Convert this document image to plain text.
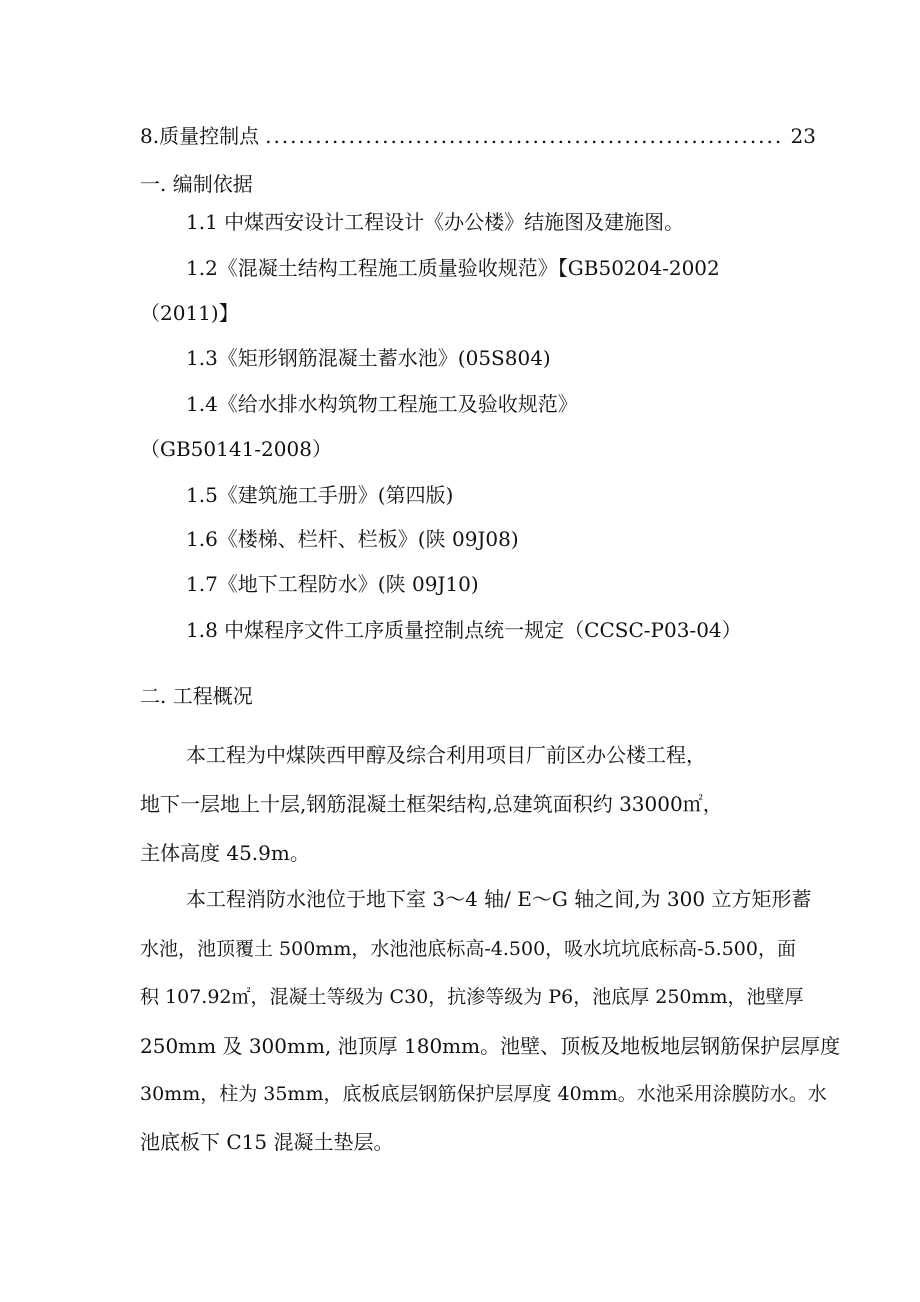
8.质量控制点
.....	23
一. 编制依据
1.1 中煤西安设计工程设计《办公楼》结施图及建施图。
1.2《混凝土结构工程施工质量验收规范》【GB50204-2002
（2011)】
1.3《矩形钢筋混凝土蓄水池》(05S804)
1.4《给水排水构筑物工程施工及验收规范》
（GB50141-2008）
1.5《建筑施工手册》(第四版)
1.6《楼梯、栏杆、栏板》(陕 09J08)
1.7《地下工程防水》(陕 09J10)
1.8 中煤程序文件工序质量控制点统一规定（CCSC-P03-04）
二. 工程概况
本工程为中煤陕西甲醇及综合利用项目厂前区办公楼工程，
地下一层地上十层,钢筋混凝土框架结构,总建筑面积约 33000㎡，
主体高度 45.9m。
本工程消防水池位于地下室 3～4 轴/ E～G 轴之间,为 300 立方矩形蓄
水池，池顶覆土 500mm，水池池底标高-4.500，吸水坑坑底标高-5.500，面
积 107.92㎡，混凝土等级为 C30，抗渗等级为 P6，池底厚 250mm，池壁厚
250mm 及 300mm, 池顶厚 180mm。池壁、顶板及地板地层钢筋保护层厚度
30mm，柱为 35mm，底板底层钢筋保护层厚度 40mm。水池采用涂膜防水。水
池底板下 C15 混凝土垫层。
